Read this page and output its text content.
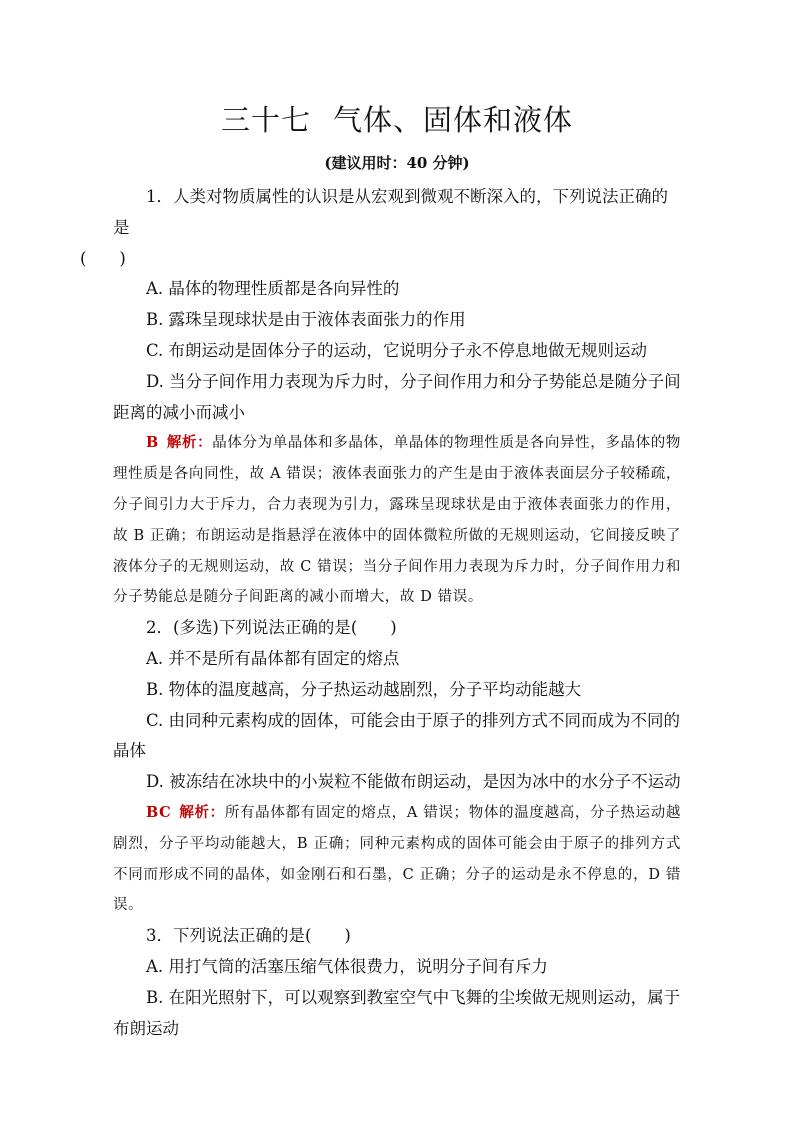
三十七 气体、固体和液体
(建议用时：40 分钟)

1．人类对物质属性的认识是从宏观到微观不断深入的，下列说法正确的是
(　　)

A. 晶体的物理性质都是各向异性的

B. 露珠呈现球状是由于液体表面张力的作用

C. 布朗运动是固体分子的运动，它说明分子永不停息地做无规则运动

D. 当分子间作用力表现为斥力时，分子间作用力和分子势能总是随分子间距离的减小而减小

B 解析：晶体分为单晶体和多晶体，单晶体的物理性质是各向异性，多晶体的物理性质是各向同性，故 A 错误；液体表面张力的产生是由于液体表面层分子较稀疏，分子间引力大于斥力，合力表现为引力，露珠呈现球状是由于液体表面张力的作用，故 B 正确；布朗运动是指悬浮在液体中的固体微粒所做的无规则运动，它间接反映了液体分子的无规则运动，故 C 错误；当分子间作用力表现为斥力时，分子间作用力和分子势能总是随分子间距离的减小而增大，故 D 错误。

2．(多选)下列说法正确的是(　　)

A. 并不是所有晶体都有固定的熔点

B. 物体的温度越高，分子热运动越剧烈，分子平均动能越大

C. 由同种元素构成的固体，可能会由于原子的排列方式不同而成为不同的晶体

D. 被冻结在冰块中的小炭粒不能做布朗运动，是因为冰中的水分子不运动

BC 解析：所有晶体都有固定的熔点，A 错误；物体的温度越高，分子热运动越剧烈，分子平均动能越大，B 正确；同种元素构成的固体可能会由于原子的排列方式不同而形成不同的晶体，如金刚石和石墨，C 正确；分子的运动是永不停息的，D 错误。

3．下列说法正确的是(　　)

A. 用打气筒的活塞压缩气体很费力，说明分子间有斥力

B. 在阳光照射下，可以观察到教室空气中飞舞的尘埃做无规则运动，属于布朗运动
